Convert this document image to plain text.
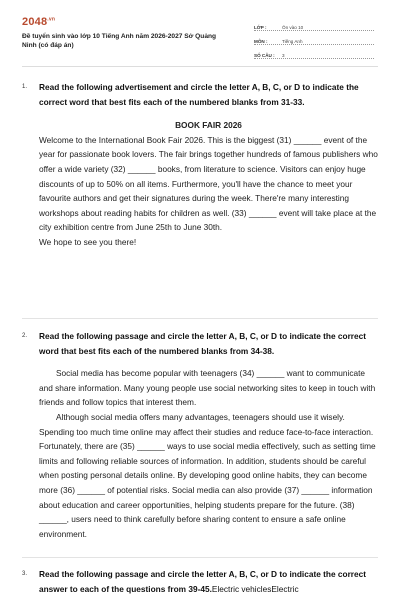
$2048^{.vn}$
Đề tuyển sinh vào lớp 10 Tiếng Anh năm 2026-2027 Sở Quảng Ninh (có đáp án)
LỚP :	Ôn vào 10
MÔN :	Tiếng Anh
SỐ CÂU :	3
1. Read the following advertisement and circle the letter A, B, C, or D to indicate the correct word that best fits each of the numbered blanks from 31-33.
BOOK FAIR 2026
Welcome to the International Book Fair 2026. This is the biggest (31) ______ event of the year for passionate book lovers. The fair brings together hundreds of famous publishers who offer a wide variety (32) ______ books, from literature to science. Visitors can enjoy huge discounts of up to 50% on all items. Furthermore, you'll have the chance to meet your favourite authors and get their signatures during the week. There're many interesting workshops about reading habits for children as well. (33) ______ event will take place at the city exhibition centre from June 25th to June 30th.
We hope to see you there!
2. Read the following passage and circle the letter A, B, C, or D to indicate the correct word that best fits each of the numbered blanks from 34-38.
Social media has become popular with teenagers (34) ______ want to communicate and share information. Many young people use social networking sites to keep in touch with friends and follow topics that interest them.
Although social media offers many advantages, teenagers should use it wisely. Spending too much time online may affect their studies and reduce face-to-face interaction. Fortunately, there are (35) ______ ways to use social media effectively, such as setting time limits and following reliable sources of information. In addition, students should be careful when posting personal details online. By developing good online habits, they can become more (36) ______ of potential risks. Social media can also provide (37) ______ information about education and career opportunities, helping students prepare for the future. (38) ______, users need to think carefully before sharing content to ensure a safe online environment.
3. Read the following passage and circle the letter A, B, C, or D to indicate the correct answer to each of the questions from 39-45.Electric vehiclesElectric
